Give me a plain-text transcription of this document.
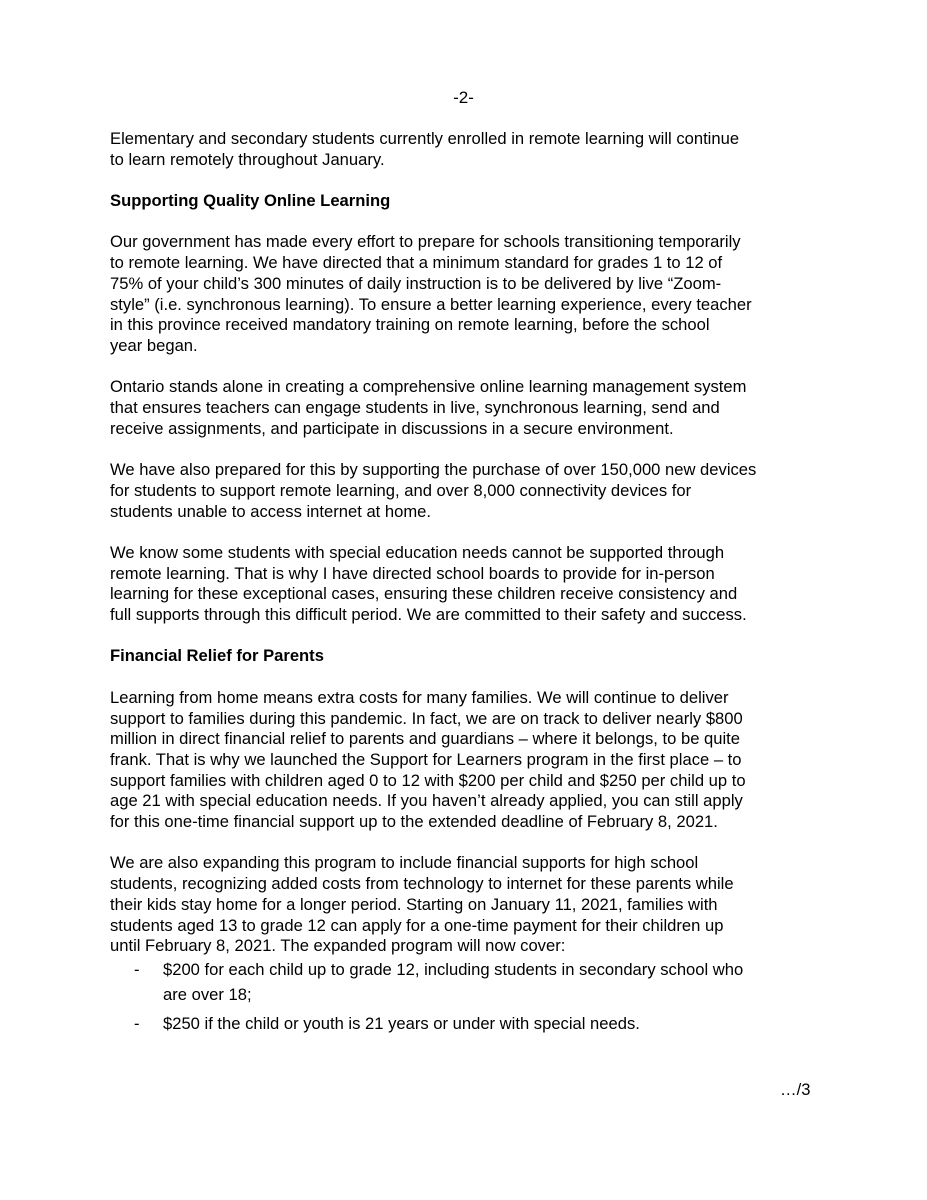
-2-

Elementary and secondary students currently enrolled in remote learning will continue
to learn remotely throughout January.

Supporting Quality Online Learning

Our government has made every effort to prepare for schools transitioning temporarily
to remote learning. We have directed that a minimum standard for grades 1 to 12 of
75% of your child’s 300 minutes of daily instruction is to be delivered by live “Zoom-
style” (i.e. synchronous learning). To ensure a better learning experience, every teacher
in this province received mandatory training on remote learning, before the school
year began.

Ontario stands alone in creating a comprehensive online learning management system
that ensures teachers can engage students in live, synchronous learning, send and
receive assignments, and participate in discussions in a secure environment.

We have also prepared for this by supporting the purchase of over 150,000 new devices
for students to support remote learning, and over 8,000 connectivity devices for
students unable to access internet at home.

We know some students with special education needs cannot be supported through
remote learning. That is why I have directed school boards to provide for in-person
learning for these exceptional cases, ensuring these children receive consistency and
full supports through this difficult period. We are committed to their safety and success.

Financial Relief for Parents

Learning from home means extra costs for many families. We will continue to deliver
support to families during this pandemic. In fact, we are on track to deliver nearly $800
million in direct financial relief to parents and guardians – where it belongs, to be quite
frank. That is why we launched the Support for Learners program in the first place – to
support families with children aged 0 to 12 with $200 per child and $250 per child up to
age 21 with special education needs. If you haven’t already applied, you can still apply
for this one-time financial support up to the extended deadline of February 8, 2021.

We are also expanding this program to include financial supports for high school
students, recognizing added costs from technology to internet for these parents while
their kids stay home for a longer period. Starting on January 11, 2021, families with
students aged 13 to grade 12 can apply for a one-time payment for their children up
until February 8, 2021. The expanded program will now cover:

- $200 for each child up to grade 12, including students in secondary school who
are over 18;
- $250 if the child or youth is 21 years or under with special needs.
…/3
